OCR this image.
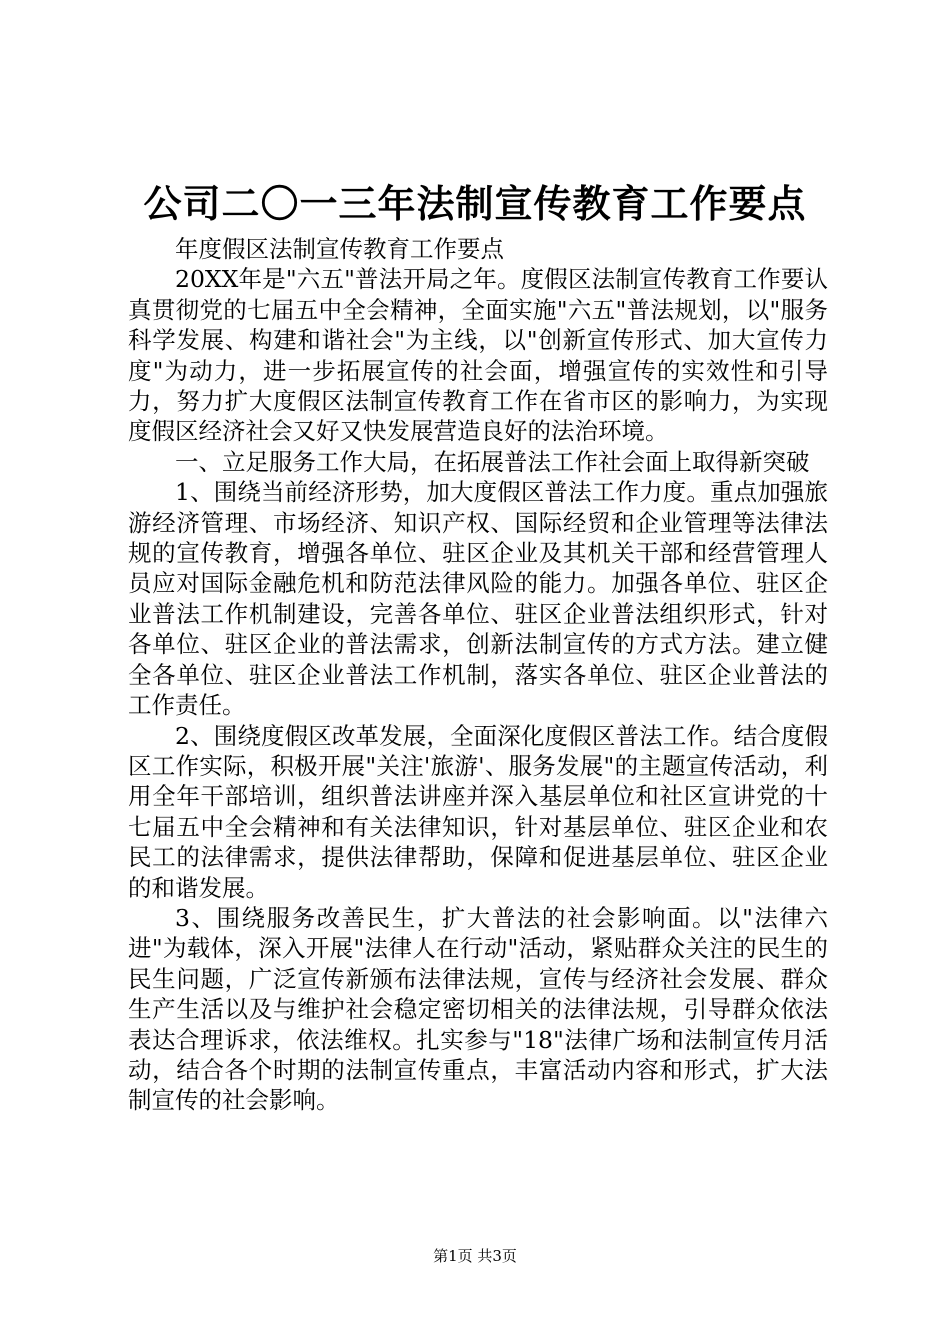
公司二〇一三年法制宣传教育工作要点

年度假区法制宣传教育工作要点

20XX年是"六五"普法开局之年。度假区法制宣传教育工作要认真贯彻党的七届五中全会精神，全面实施"六五"普法规划，以"服务科学发展、构建和谐社会"为主线，以"创新宣传形式、加大宣传力度"为动力，进一步拓展宣传的社会面，增强宣传的实效性和引导力，努力扩大度假区法制宣传教育工作在省市区的影响力，为实现度假区经济社会又好又快发展营造良好的法治环境。

一、立足服务工作大局，在拓展普法工作社会面上取得新突破

1、围绕当前经济形势，加大度假区普法工作力度。重点加强旅游经济管理、市场经济、知识产权、国际经贸和企业管理等法律法规的宣传教育，增强各单位、驻区企业及其机关干部和经营管理人员应对国际金融危机和防范法律风险的能力。加强各单位、驻区企业普法工作机制建设，完善各单位、驻区企业普法组织形式，针对各单位、驻区企业的普法需求，创新法制宣传的方式方法。建立健全各单位、驻区企业普法工作机制，落实各单位、驻区企业普法的工作责任。

2、围绕度假区改革发展，全面深化度假区普法工作。结合度假区工作实际，积极开展"关注'旅游'、服务发展"的主题宣传活动，利用全年干部培训，组织普法讲座并深入基层单位和社区宣讲党的十七届五中全会精神和有关法律知识，针对基层单位、驻区企业和农民工的法律需求，提供法律帮助，保障和促进基层单位、驻区企业的和谐发展。

3、围绕服务改善民生，扩大普法的社会影响面。以"法律六进"为载体，深入开展"法律人在行动"活动，紧贴群众关注的民生的民生问题，广泛宣传新颁布法律法规，宣传与经济社会发展、群众生产生活以及与维护社会稳定密切相关的法律法规，引导群众依法表达合理诉求，依法维权。扎实参与"18"法律广场和法制宣传月活动，结合各个时期的法制宣传重点，丰富活动内容和形式，扩大法制宣传的社会影响。

第1页 共3页
